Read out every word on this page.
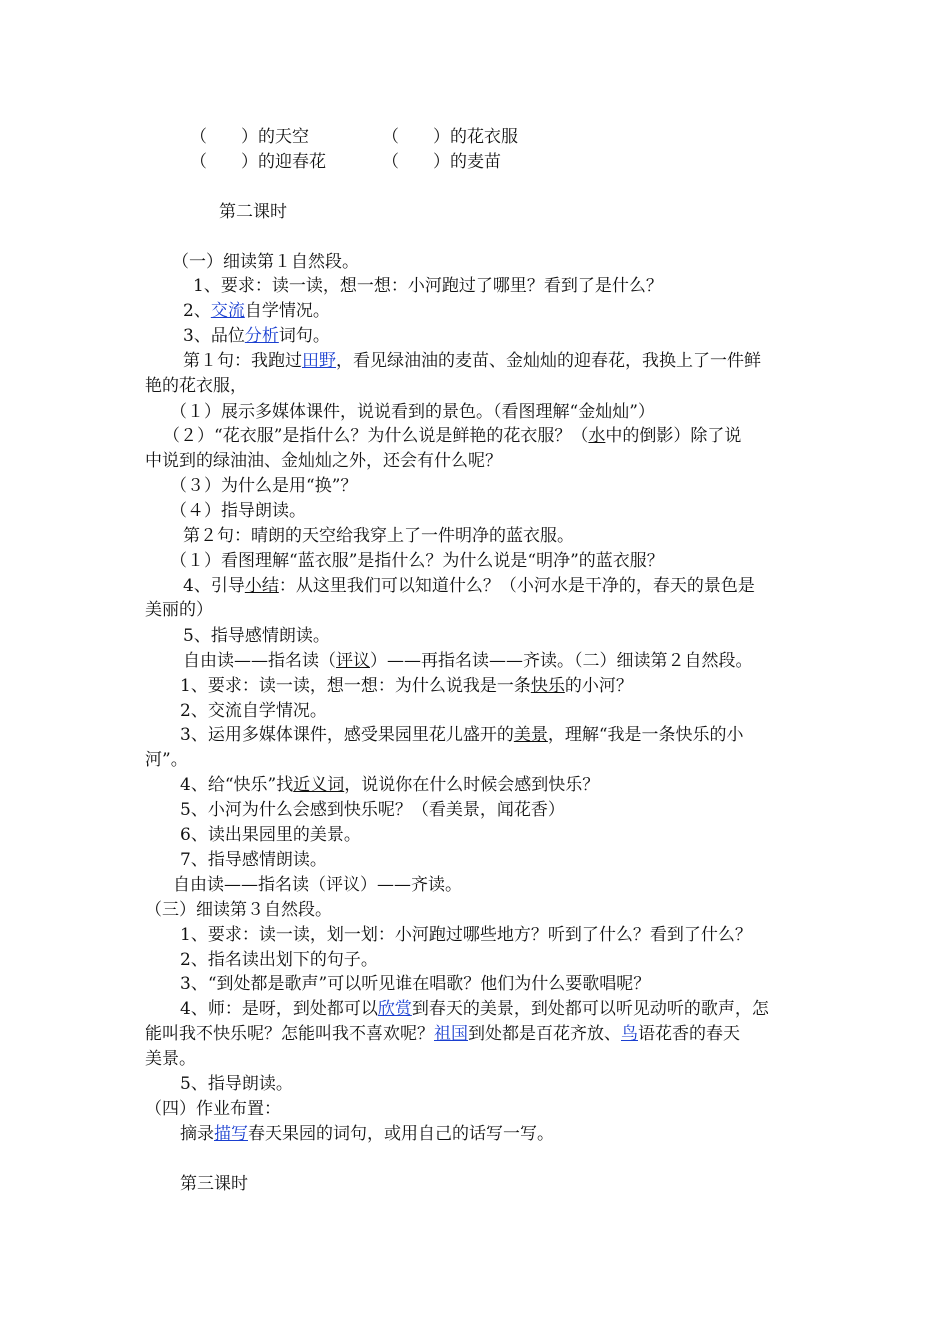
（　　）的天空	（　　）的花衣服
（　　）的迎春花	（　　）的麦苗
第二课时
（一）细读第１自然段。
1、要求：读一读，想一想：小河跑过了哪里？看到了是什么？
2、交流自学情况。
3、品位分析词句。
第１句：我跑过田野，看见绿油油的麦苗、金灿灿的迎春花，我换上了一件鲜
艳的花衣服，
（１）展示多媒体课件，说说看到的景色。（看图理解“金灿灿”）
（２）“花衣服”是指什么？为什么说是鲜艳的花衣服？（水中的倒影）除了说
中说到的绿油油、金灿灿之外，还会有什么呢？
（３）为什么是用“换”？
（４）指导朗读。
第２句：晴朗的天空给我穿上了一件明净的蓝衣服。
（１）看图理解“蓝衣服”是指什么？为什么说是“明净”的蓝衣服？
4、引导小结：从这里我们可以知道什么？（小河水是干净的，春天的景色是
美丽的）
5、指导感情朗读。
自由读——指名读（评议）——再指名读——齐读。（二）细读第２自然段。
1、要求：读一读，想一想：为什么说我是一条快乐的小河？
2、交流自学情况。
3、运用多媒体课件，感受果园里花儿盛开的美景，理解“我是一条快乐的小
河”。
4、给“快乐”找近义词，说说你在什么时候会感到快乐？
5、小河为什么会感到快乐呢？（看美景，闻花香）
6、读出果园里的美景。
7、指导感情朗读。
自由读——指名读（评议）——齐读。
（三）细读第３自然段。
1、要求：读一读，划一划：小河跑过哪些地方？听到了什么？看到了什么？
2、指名读出划下的句子。
3、“到处都是歌声”可以听见谁在唱歌？他们为什么要歌唱呢？
4、师：是呀，到处都可以欣赏到春天的美景，到处都可以听见动听的歌声，怎
能叫我不快乐呢？怎能叫我不喜欢呢？祖国到处都是百花齐放、鸟语花香的春天
美景。
5、指导朗读。
（四）作业布置：
摘录描写春天果园的词句，或用自己的话写一写。
第三课时
